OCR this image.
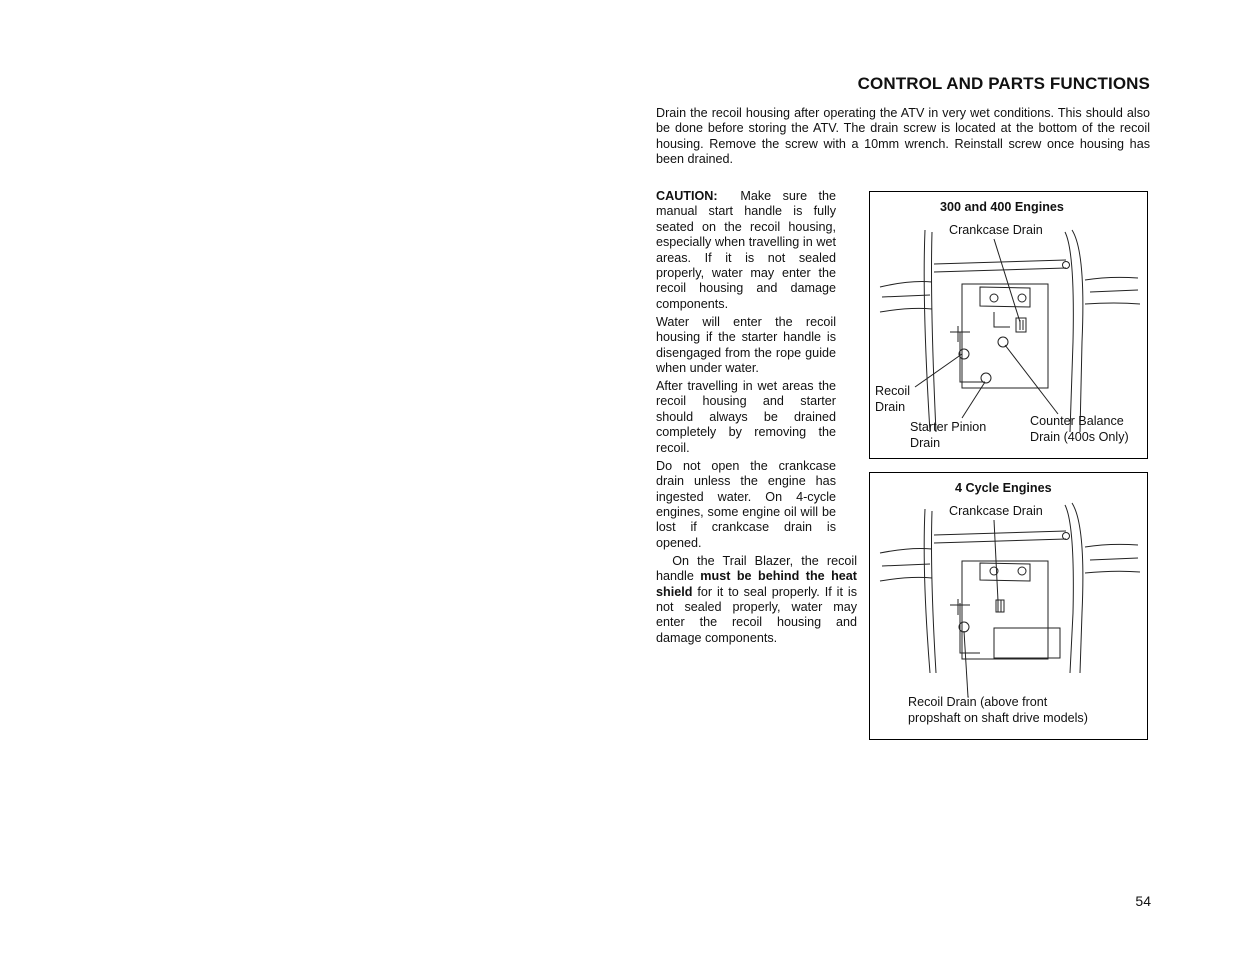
CONTROL AND PARTS FUNCTIONS

Drain the recoil housing after operating the ATV in very wet conditions. This should also be done before storing the ATV. The drain screw is located at the bottom of the recoil housing. Remove the screw with a 10mm wrench. Reinstall screw once housing has been drained.

CAUTION: Make sure the manual start handle is fully seated on the recoil housing, especially when travelling in wet areas. If it is not sealed properly, water may enter the recoil housing and damage components.

Water will enter the recoil housing if the starter handle is disengaged from the rope guide when under water.

After travelling in wet areas the recoil housing and starter should always be drained completely by removing the recoil.

Do not open the crankcase drain unless the engine has ingested water. On 4-cycle engines, some engine oil will be lost if crankcase drain is opened.

On the Trail Blazer, the recoil handle must be behind the heat shield for it to seal properly. If it is not sealed properly, water may enter the recoil housing and damage components.

300 and 400 Engines
Crankcase Drain
Recoil
Drain
Starter Pinion
Drain
Counter Balance
Drain (400s Only)
4 Cycle Engines
Crankcase Drain
Recoil Drain (above front
propshaft on shaft drive models)
54
